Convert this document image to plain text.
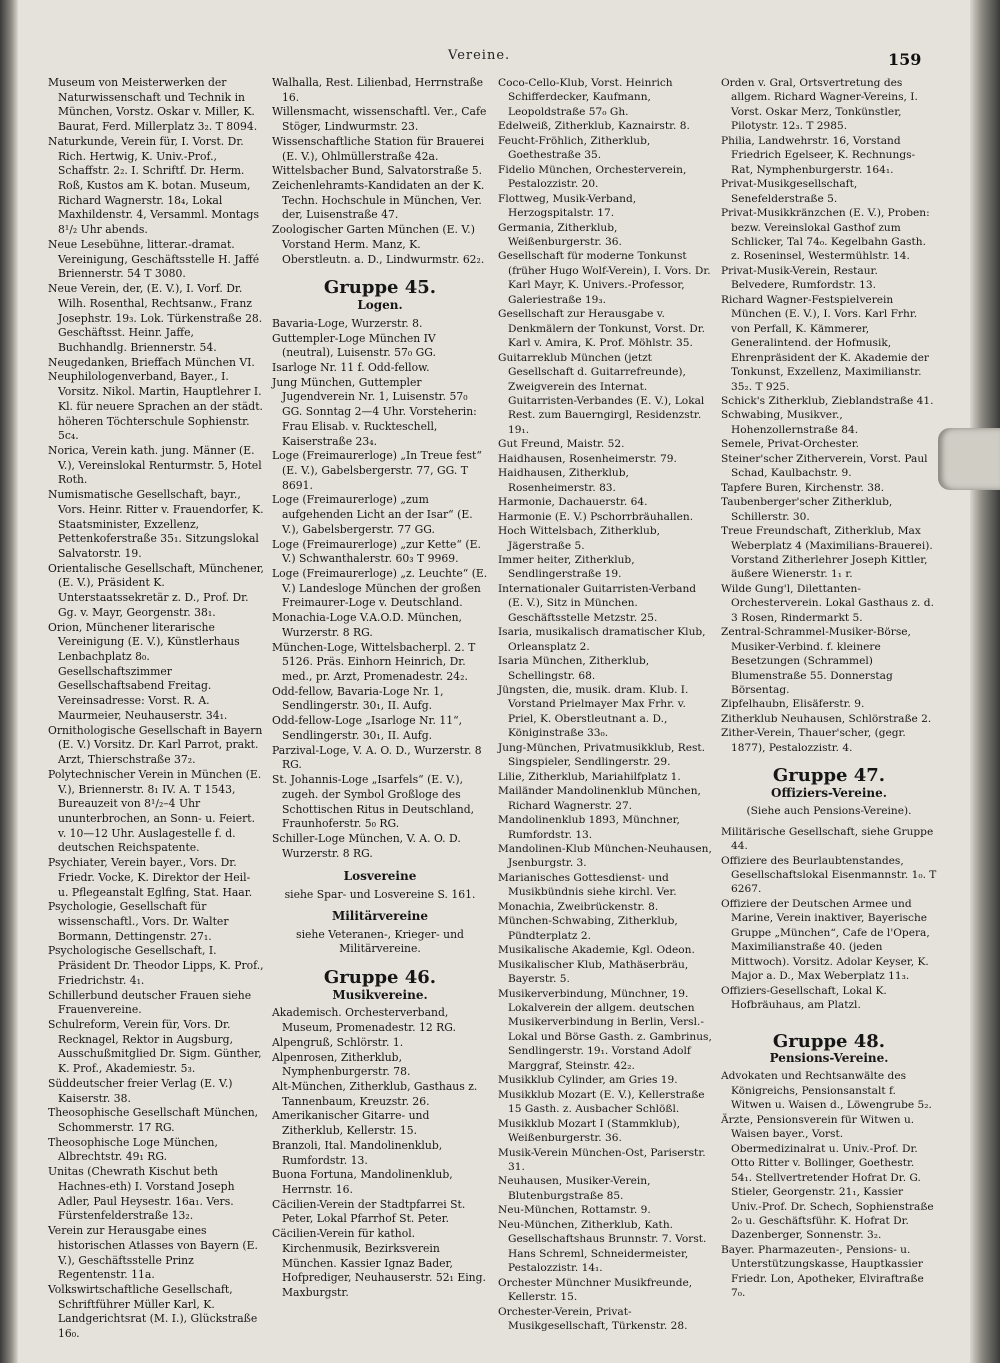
Vereine.	159

Museum von Meisterwerken der Naturwissenschaft und Technik in München, Vorstz. Oskar v. Miller, K. Baurat, Ferd. Millerplatz 3₂. T 8094.

Naturkunde, Verein für, I. Vorst. Dr. Rich. Hertwig, K. Univ.-Prof., Schaffstr. 2₂. I. Schriftf. Dr. Herm. Roß, Kustos am K. botan. Museum, Richard Wagnerstr. 18₄, Lokal Maxhildenstr. 4, Versamml. Montags 8¹/₂ Uhr abends.

Neue Lesebühne, litterar.-dramat. Vereinigung, Geschäftsstelle H. Jaffé Briennerstr. 54 T 3080.

Neue Verein, der, (E. V.), I. Vorf. Dr. Wilh. Rosenthal, Rechtsanw., Franz Josephstr. 19₃. Lok. Türkenstraße 28. Geschäftsst. Heinr. Jaffe, Buchhandlg. Briennerstr. 54.

Neugedanken, Brieffach München VI.

Neuphilologenverband, Bayer., I. Vorsitz. Nikol. Martin, Hauptlehrer I. Kl. für neuere Sprachen an der städt. höheren Töchterschule Sophienstr. 5c₄.

Norica, Verein kath. jung. Männer (E. V.), Vereinslokal Renturmstr. 5, Hotel Roth.

Numismatische Gesellschaft, bayr., Vors. Heinr. Ritter v. Frauendorfer, K. Staatsminister, Exzellenz, Pettenkoferstraße 35₁. Sitzungslokal Salvatorstr. 19.

Orientalische Gesellschaft, Münchener, (E. V.), Präsident K. Unterstaatssekretär z. D., Prof. Dr. Gg. v. Mayr, Georgenstr. 38₁.

Orion, Münchener literarische Vereinigung (E. V.), Künstlerhaus Lenbachplatz 8₀. Gesellschaftszimmer Gesellschaftsabend Freitag. Vereinsadresse: Vorst. R. A. Maurmeier, Neuhauserstr. 34₁.

Ornithologische Gesellschaft in Bayern (E. V.) Vorsitz. Dr. Karl Parrot, prakt. Arzt, Thierschstraße 37₂.

Polytechnischer Verein in München (E. V.), Briennerstr. 8₁ IV. A. T 1543, Bureauzeit von 8¹/₂–4 Uhr ununterbrochen, an Sonn- u. Feiert. v. 10—12 Uhr. Auslagestelle f. d. deutschen Reichspatente.

Psychiater, Verein bayer., Vors. Dr. Friedr. Vocke, K. Direktor der Heil- u. Pflegeanstalt Eglfing, Stat. Haar.

Psychologie, Gesellschaft für wissenschaftl., Vors. Dr. Walter Bormann, Dettingenstr. 27₁.

Psychologische Gesellschaft, I. Präsident Dr. Theodor Lipps, K. Prof., Friedrichstr. 4₁.

Schillerbund deutscher Frauen siehe Frauenvereine.

Schulreform, Verein für, Vors. Dr. Recknagel, Rektor in Augsburg, Ausschußmitglied Dr. Sigm. Günther, K. Prof., Akademiestr. 5₃.

Süddeutscher freier Verlag (E. V.) Kaiserstr. 38.

Theosophische Gesellschaft München, Schommerstr. 17 RG.

Theosophische Loge München, Albrechtstr. 49₁ RG.

Unitas (Chewrath Kischut beth Hachnes-eth) I. Vorstand Joseph Adler, Paul Heysestr. 16a₁. Vers. Fürstenfelderstraße 13₂.

Verein zur Herausgabe eines historischen Atlasses von Bayern (E. V.), Geschäftsstelle Prinz Regentenstr. 11a.

Volkswirtschaftliche Gesellschaft, Schriftführer Müller Karl, K. Landgerichtsrat (M. I.), Glückstraße 16₀.

Walhalla, Rest. Lilienbad, Herrnstraße 16.

Willensmacht, wissenschaftl. Ver., Cafe Stöger, Lindwurmstr. 23.

Wissenschaftliche Station für Brauerei (E. V.), Ohlmüllerstraße 42a.

Wittelsbacher Bund, Salvatorstraße 5.

Zeichenlehramts-Kandidaten an der K. Techn. Hochschule in München, Ver. der, Luisenstraße 47.

Zoologischer Garten München (E. V.) Vorstand Herm. Manz, K. Oberstleutn. a. D., Lindwurmstr. 62₂.

Gruppe 45.
Logen.

Bavaria-Loge, Wurzerstr. 8.

Guttempler-Loge München IV (neutral), Luisenstr. 57₀ GG.

Isarloge Nr. 11 f. Odd-fellow.

Jung München, Guttempler Jugendverein Nr. 1, Luisenstr. 57₀ GG. Sonntag 2—4 Uhr. Vorsteherin: Frau Elisab. v. Ruckteschell, Kaiserstraße 23₄.

Loge (Freimaurerloge) „In Treue fest“ (E. V.), Gabelsbergerstr. 77, GG. T 8691.

Loge (Freimaurerloge) „zum aufgehenden Licht an der Isar“ (E. V.), Gabelsbergerstr. 77 GG.

Loge (Freimaurerloge) „zur Kette“ (E. V.) Schwanthalerstr. 60₃ T 9969.

Loge (Freimaurerloge) „z. Leuchte“ (E. V.) Landesloge München der großen Freimaurer-Loge v. Deutschland.

Monachia-Loge V.A.O.D. München, Wurzerstr. 8 RG.

München-Loge, Wittelsbacherpl. 2. T 5126. Präs. Einhorn Heinrich, Dr. med., pr. Arzt, Promenadestr. 24₂.

Odd-fellow, Bavaria-Loge Nr. 1, Sendlingerstr. 30₁, II. Aufg.

Odd-fellow-Loge „Isarloge Nr. 11“, Sendlingerstr. 30₁, II. Aufg.

Parzival-Loge, V. A. O. D., Wurzerstr. 8 RG.

St. Johannis-Loge „Isarfels“ (E. V.), zugeh. der Symbol Großloge des Schottischen Ritus in Deutschland, Fraunhoferstr. 5₀ RG.

Schiller-Loge München, V. A. O. D. Wurzerstr. 8 RG.

Losvereine

siehe Spar- und Losvereine S. 161.

Militärvereine

siehe Veteranen-, Krieger- und Militärvereine.

Gruppe 46.
Musikvereine.

Akademisch. Orchesterverband, Museum, Promenadestr. 12 RG.

Alpengruß, Schlörstr. 1.

Alpenrosen, Zitherklub, Nymphenburgerstr. 78.

Alt-München, Zitherklub, Gasthaus z. Tannenbaum, Kreuzstr. 26.

Amerikanischer Gitarre- und Zitherklub, Kellerstr. 15.

Branzoli, Ital. Mandolinenklub, Rumfordstr. 13.

Buona Fortuna, Mandolinenklub, Herrnstr. 16.

Cäcilien-Verein der Stadtpfarrei St. Peter, Lokal Pfarrhof St. Peter.

Cäcilien-Verein für kathol. Kirchenmusik, Bezirksverein München. Kassier Ignaz Bader, Hofprediger, Neuhauserstr. 52₁ Eing. Maxburgstr.

Coco-Cello-Klub, Vorst. Heinrich Schifferdecker, Kaufmann, Leopoldstraße 57₀ Gh.

Edelweiß, Zitherklub, Kaznairstr. 8.

Feucht-Fröhlich, Zitherklub, Goethestraße 35.

Fidelio München, Orchesterverein, Pestalozzistr. 20.

Flottweg, Musik-Verband, Herzogspitalstr. 17.

Germania, Zitherklub, Weißenburgerstr. 36.

Gesellschaft für moderne Tonkunst (früher Hugo Wolf-Verein), I. Vors. Dr. Karl Mayr, K. Univers.-Professor, Galeriestraße 19₃.

Gesellschaft zur Herausgabe v. Denkmälern der Tonkunst, Vorst. Dr. Karl v. Amira, K. Prof. Möhlstr. 35.

Guitarreklub München (jetzt Gesellschaft d. Guitarrefreunde), Zweigverein des Internat. Guitarristen-Verbandes (E. V.), Lokal Rest. zum Bauerngirgl, Residenzstr. 19₁.

Gut Freund, Maistr. 52.

Haidhausen, Rosenheimerstr. 79.

Haidhausen, Zitherklub, Rosenheimerstr. 83.

Harmonie, Dachauerstr. 64.

Harmonie (E. V.) Pschorrbräuhallen.

Hoch Wittelsbach, Zitherklub, Jägerstraße 5.

Immer heiter, Zitherklub, Sendlingerstraße 19.

Internationaler Guitarristen-Verband (E. V.), Sitz in München. Geschäftsstelle Metzstr. 25.

Isaria, musikalisch dramatischer Klub, Orleansplatz 2.

Isaria München, Zitherklub, Schellingstr. 68.

Jüngsten, die, musik. dram. Klub. I. Vorstand Prielmayer Max Frhr. v. Priel, K. Oberstleutnant a. D., Königinstraße 33₀.

Jung-München, Privatmusikklub, Rest. Singspieler, Sendlingerstr. 29.

Lilie, Zitherklub, Mariahilfplatz 1.

Mailänder Mandolinenklub München, Richard Wagnerstr. 27.

Mandolinenklub 1893, Münchner, Rumfordstr. 13.

Mandolinen-Klub München-Neuhausen, Jsenburgstr. 3.

Marianisches Gottesdienst- und Musikbündnis siehe kirchl. Ver.

Monachia, Zweibrückenstr. 8.

München-Schwabing, Zitherklub, Pündterplatz 2.

Musikalische Akademie, Kgl. Odeon.

Musikalischer Klub, Mathäserbräu, Bayerstr. 5.

Musikerverbindung, Münchner, 19. Lokalverein der allgem. deutschen Musikerverbindung in Berlin, Versl.-Lokal und Börse Gasth. z. Gambrinus, Sendlingerstr. 19₁. Vorstand Adolf Marggraf, Steinstr. 42₂.

Musikklub Cylinder, am Gries 19.

Musikklub Mozart (E. V.), Kellerstraße 15 Gasth. z. Ausbacher Schlößl.

Musikklub Mozart I (Stammklub), Weißenburgerstr. 36.

Musik-Verein München-Ost, Pariserstr. 31.

Neuhausen, Musiker-Verein, Blutenburgstraße 85.

Neu-München, Rottamstr. 9.

Neu-München, Zitherklub, Kath. Gesellschaftshaus Brunnstr. 7. Vorst. Hans Schreml, Schneidermeister, Pestalozzistr. 14₁.

Orchester Münchner Musikfreunde, Kellerstr. 15.

Orchester-Verein, Privat-Musikgesellschaft, Türkenstr. 28.

Orden v. Gral, Ortsvertretung des allgem. Richard Wagner-Vereins, I. Vorst. Oskar Merz, Tonkünstler, Pilotystr. 12₃. T 2985.

Philia, Landwehrstr. 16, Vorstand Friedrich Egelseer, K. Rechnungs-Rat, Nymphenburgerstr. 164₁.

Privat-Musikgesellschaft, Senefelderstraße 5.

Privat-Musikkränzchen (E. V.), Proben: bezw. Vereinslokal Gasthof zum Schlicker, Tal 74₀. Kegelbahn Gasth. z. Roseninsel, Westermühlstr. 14.

Privat-Musik-Verein, Restaur. Belvedere, Rumfordstr. 13.

Richard Wagner-Festspielverein München (E. V.), I. Vors. Karl Frhr. von Perfall, K. Kämmerer, Generalintend. der Hofmusik, Ehrenpräsident der K. Akademie der Tonkunst, Exzellenz, Maximilianstr. 35₂. T 925.

Schick's Zitherklub, Zieblandstraße 41.

Schwabing, Musikver., Hohenzollernstraße 84.

Semele, Privat-Orchester.

Steiner'scher Zitherverein, Vorst. Paul Schad, Kaulbachstr. 9.

Tapfere Buren, Kirchenstr. 38.

Taubenberger'scher Zitherklub, Schillerstr. 30.

Treue Freundschaft, Zitherklub, Max Weberplatz 4 (Maximilians-Brauerei). Vorstand Zitherlehrer Joseph Kittler, äußere Wienerstr. 1₁ r.

Wilde Gung'l, Dilettanten-Orchesterverein. Lokal Gasthaus z. d. 3 Rosen, Rindermarkt 5.

Zentral-Schrammel-Musiker-Börse, Musiker-Verbind. f. kleinere Besetzungen (Schrammel) Blumenstraße 55. Donnerstag Börsentag.

Zipfelhaubn, Elisäferstr. 9.

Zitherklub Neuhausen, Schlörstraße 2.

Zither-Verein, Thauer'scher, (gegr. 1877), Pestalozzistr. 4.

Gruppe 47.
Offiziers-Vereine.

(Siehe auch Pensions-Vereine).

Militärische Gesellschaft, siehe Gruppe 44.

Offiziere des Beurlaubtenstandes, Gesellschaftslokal Eisenmannstr. 1₀. T 6267.

Offiziere der Deutschen Armee und Marine, Verein inaktiver, Bayerische Gruppe „München“, Cafe de l'Opera, Maximilianstraße 40. (jeden Mittwoch). Vorsitz. Adolar Keyser, K. Major a. D., Max Weberplatz 11₃.

Offiziers-Gesellschaft, Lokal K. Hofbräuhaus, am Platzl.

Gruppe 48.
Pensions-Vereine.

Advokaten und Rechtsanwälte des Königreichs, Pensionsanstalt f. Witwen u. Waisen d., Löwengrube 5₂.

Ärzte, Pensionsverein für Witwen u. Waisen bayer., Vorst. Obermedizinalrat u. Univ.-Prof. Dr. Otto Ritter v. Bollinger, Goethestr. 54₁. Stellvertretender Hofrat Dr. G. Stieler, Georgenstr. 21₁, Kassier Univ.-Prof. Dr. Schech, Sophienstraße 2₀ u. Geschäftsführ. K. Hofrat Dr. Dazenberger, Sonnenstr. 3₂.

Bayer. Pharmazeuten-, Pensions- u. Unterstützungskasse, Hauptkassier Friedr. Lon, Apotheker, Elviraftraße 7₀.
